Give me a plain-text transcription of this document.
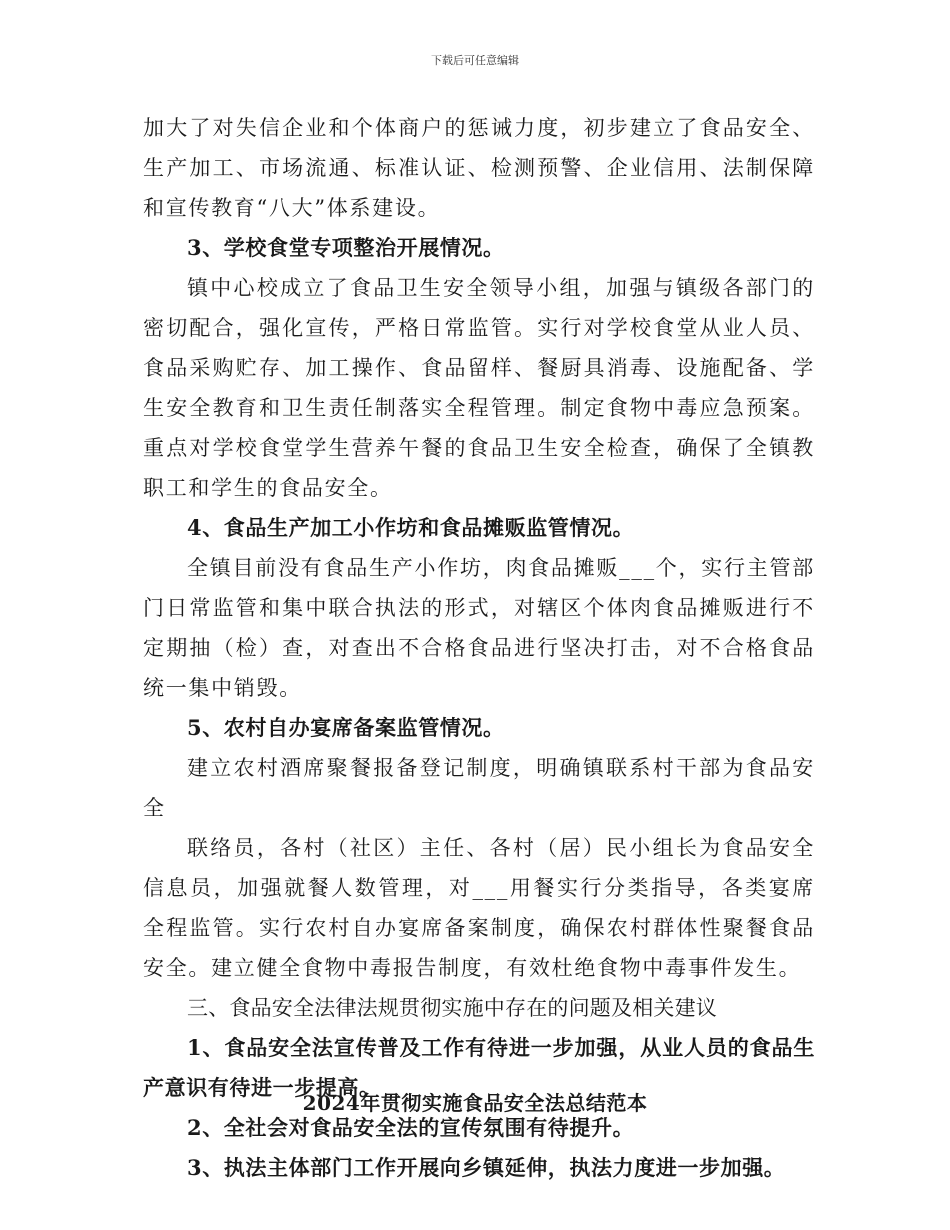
下载后可任意编辑

加大了对失信企业和个体商户的惩诫力度，初步建立了食品安全、生产加工、市场流通、标准认证、检测预警、企业信用、法制保障和宣传教育“八大”体系建设。

3、学校食堂专项整治开展情况。

镇中心校成立了食品卫生安全领导小组，加强与镇级各部门的密切配合，强化宣传，严格日常监管。实行对学校食堂从业人员、食品采购贮存、加工操作、食品留样、餐厨具消毒、设施配备、学生安全教育和卫生责任制落实全程管理。制定食物中毒应急预案。重点对学校食堂学生营养午餐的食品卫生安全检查，确保了全镇教职工和学生的食品安全。

4、食品生产加工小作坊和食品摊贩监管情况。

全镇目前没有食品生产小作坊，肉食品摊贩___个，实行主管部门日常监管和集中联合执法的形式，对辖区个体肉食品摊贩进行不定期抽（检）查，对查出不合格食品进行坚决打击，对不合格食品统一集中销毁。

5、农村自办宴席备案监管情况。

建立农村酒席聚餐报备登记制度，明确镇联系村干部为食品安全

联络员，各村（社区）主任、各村（居）民小组长为食品安全信息员，加强就餐人数管理，对___用餐实行分类指导，各类宴席全程监管。实行农村自办宴席备案制度，确保农村群体性聚餐食品安全。建立健全食物中毒报告制度，有效杜绝食物中毒事件发生。

三、食品安全法律法规贯彻实施中存在的问题及相关建议

1、食品安全法宣传普及工作有待进一步加强，从业人员的食品生产意识有待进一步提高。

2、全社会对食品安全法的宣传氛围有待提升。

3、执法主体部门工作开展向乡镇延伸，执法力度进一步加强。

2024年贯彻实施食品安全法总结范本
